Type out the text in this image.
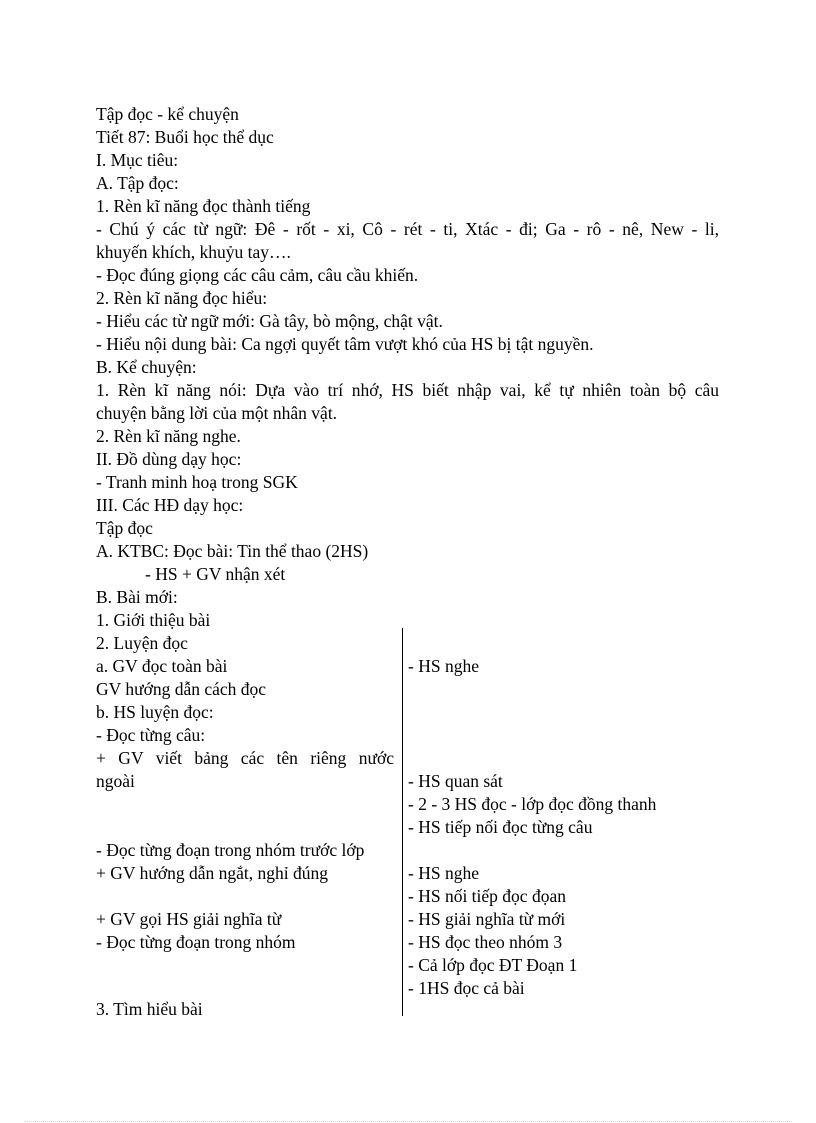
Tập đọc - kể chuyện
Tiết 87: Buổi học thể dục
I. Mục tiêu:
A. Tập đọc:
1. Rèn kĩ năng đọc thành tiếng
- Chú ý các từ ngữ: Đê - rốt - xi, Cô - rét - ti, Xtác - đi; Ga - rô - nê, New - li,
khuyến khích, khuỷu tay….
- Đọc đúng giọng các câu cảm, câu cầu khiến.
2. Rèn kĩ năng đọc hiểu:
- Hiểu các từ ngữ mới: Gà tây, bò mộng, chật vật.
- Hiểu nội dung bài: Ca ngợi quyết tâm vượt khó của HS bị tật nguyền.
B. Kể chuyện:
1. Rèn kĩ năng nói: Dựa vào trí nhớ, HS biết nhập vai, kể tự nhiên toàn bộ câu
chuyện bằng lời của một nhân vật.
2. Rèn kĩ năng nghe.
II. Đồ dùng dạy học:
- Tranh minh hoạ trong SGK
III. Các HĐ dạy học:
Tập đọc
A. KTBC: Đọc bài: Tin thể thao (2HS)
- HS + GV nhận xét
B. Bài mới:
1. Giới thiệu bài
2. Luyện đọc
a. GV đọc toàn bài
GV hướng dẫn cách đọc
b. HS luyện đọc:
- Đọc từng câu:
+ GV viết bảng các tên riêng nước
ngoài
- Đọc từng đoạn trong nhóm trước lớp
+ GV hướng dẫn ngắt, nghỉ đúng
+ GV gọi HS giải nghĩa từ
- Đọc từng đoạn trong nhóm
3. Tìm hiểu bài
- HS nghe
- HS quan sát
- 2 - 3 HS đọc - lớp đọc đồng thanh
- HS tiếp nối đọc từng câu
- HS nghe
- HS nối tiếp đọc đọan
- HS giải nghĩa từ mới
- HS đọc theo nhóm 3
- Cả lớp đọc ĐT Đoạn 1
- 1HS đọc cả bài
